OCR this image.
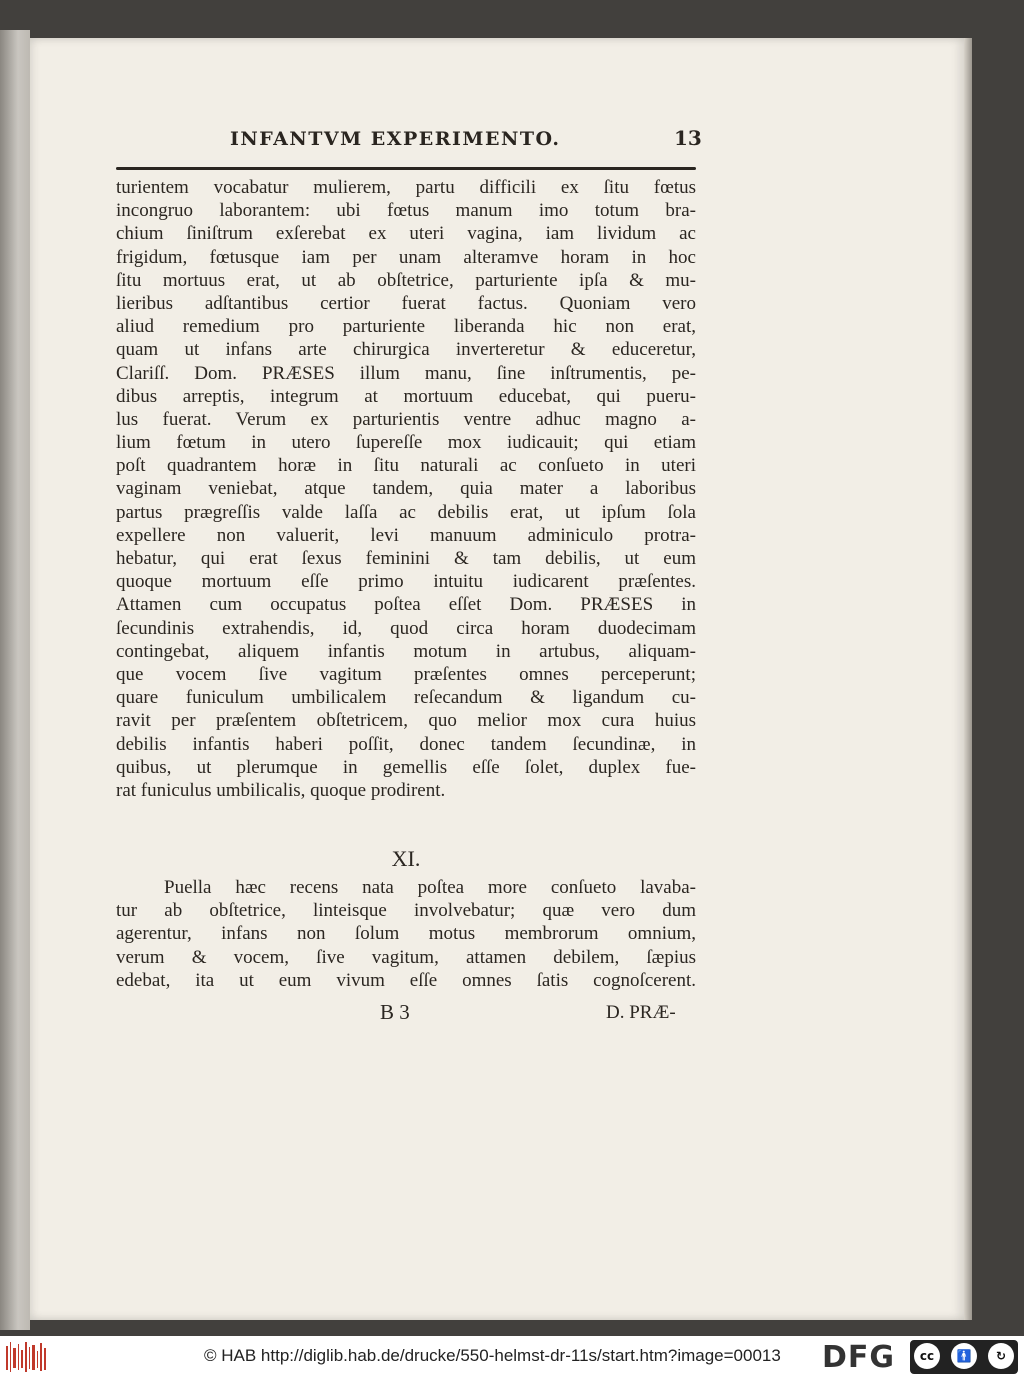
INFANTVM EXPERIMENTO.	13
turientem vocabatur mulierem, partu difficili ex ſitu fœtus
incongruo laborantem: ubi fœtus manum imo totum bra-
chium ſiniſtrum exſerebat ex uteri vagina, iam lividum ac
frigidum, fœtusque iam per unam alteramve horam in hoc
ſitu mortuus erat, ut ab obſtetrice, parturiente ipſa & mu-
lieribus adſtantibus certior fuerat factus. Quoniam vero
aliud remedium pro parturiente liberanda hic non erat,
quam ut infans arte chirurgica inverteretur & educeretur,
Clariſſ. Dom. PRÆSES illum manu, ſine inſtrumentis, pe-
dibus arreptis, integrum at mortuum educebat, qui pueru-
lus fuerat. Verum ex parturientis ventre adhuc magno a-
lium fœtum in utero ſupereſſe mox iudicauit; qui etiam
poſt quadrantem horæ in ſitu naturali ac conſueto in uteri
vaginam veniebat, atque tandem, quia mater a laboribus
partus prægreſſis valde laſſa ac debilis erat, ut ipſum ſola
expellere non valuerit, levi manuum adminiculo protra-
hebatur, qui erat ſexus feminini & tam debilis, ut eum
quoque mortuum eſſe primo intuitu iudicarent præſentes.
Attamen cum occupatus poſtea eſſet Dom. PRÆSES in
ſecundinis extrahendis, id, quod circa horam duodecimam
contingebat, aliquem infantis motum in artubus, aliquam-
que vocem ſive vagitum præſentes omnes perceperunt;
quare funiculum umbilicalem reſecandum & ligandum cu-
ravit per præſentem obſtetricem, quo melior mox cura huius
debilis infantis haberi poſſit, donec tandem ſecundinæ, in
quibus, ut plerumque in gemellis eſſe ſolet, duplex fue-
rat funiculus umbilicalis, quoque prodirent.
XI.
Puella hæc recens nata poſtea more conſueto lavaba-
tur ab obſtetrice, linteisque involvebatur; quæ vero dum
agerentur, infans non ſolum motus membrorum omnium,
verum & vocem, ſive vagitum, attamen debilem, ſæpius
edebat, ita ut eum vivum eſſe omnes ſatis cognoſcerent.
B 3	D. PRÆ-
© HAB http://diglib.hab.de/drucke/550-helmst-dr-11s/start.htm?image=00013 DFG	cc	🚹	↻
